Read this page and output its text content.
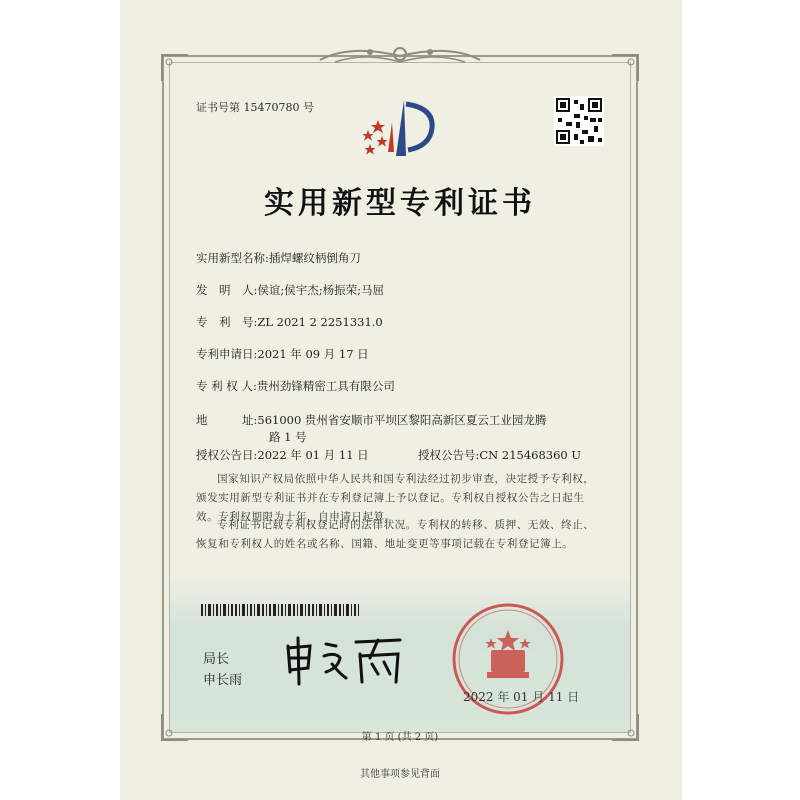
证书号第 15470780 号
实用新型专利证书
实用新型名称:插焊螺纹柄倒角刀
发　明　人:侯谊;侯宇杰;杨振荣;马屈
专　利　号:ZL 2021 2 2251331.0
专利申请日:2021 年 09 月 17 日
专 利 权 人:贵州劲锋精密工具有限公司
地　　　址:561000 贵州省安顺市平坝区黎阳高新区夏云工业园龙腾
路 1 号
授权公告日:2022 年 01 月 11 日	授权公告号:CN 215468360 U
国家知识产权局依照中华人民共和国专利法经过初步审查，决定授予专利权，颁发实用新型专利证书并在专利登记簿上予以登记。专利权自授权公告之日起生效。专利权期限为十年，自申请日起算。
专利证书记载专利权登记时的法律状况。专利权的转移、质押、无效、终止、恢复和专利权人的姓名或名称、国籍、地址变更等事项记载在专利登记簿上。
局长
申长雨
2022 年 01 月 11 日
第 1 页 (共 2 页)
其他事项参见背面
